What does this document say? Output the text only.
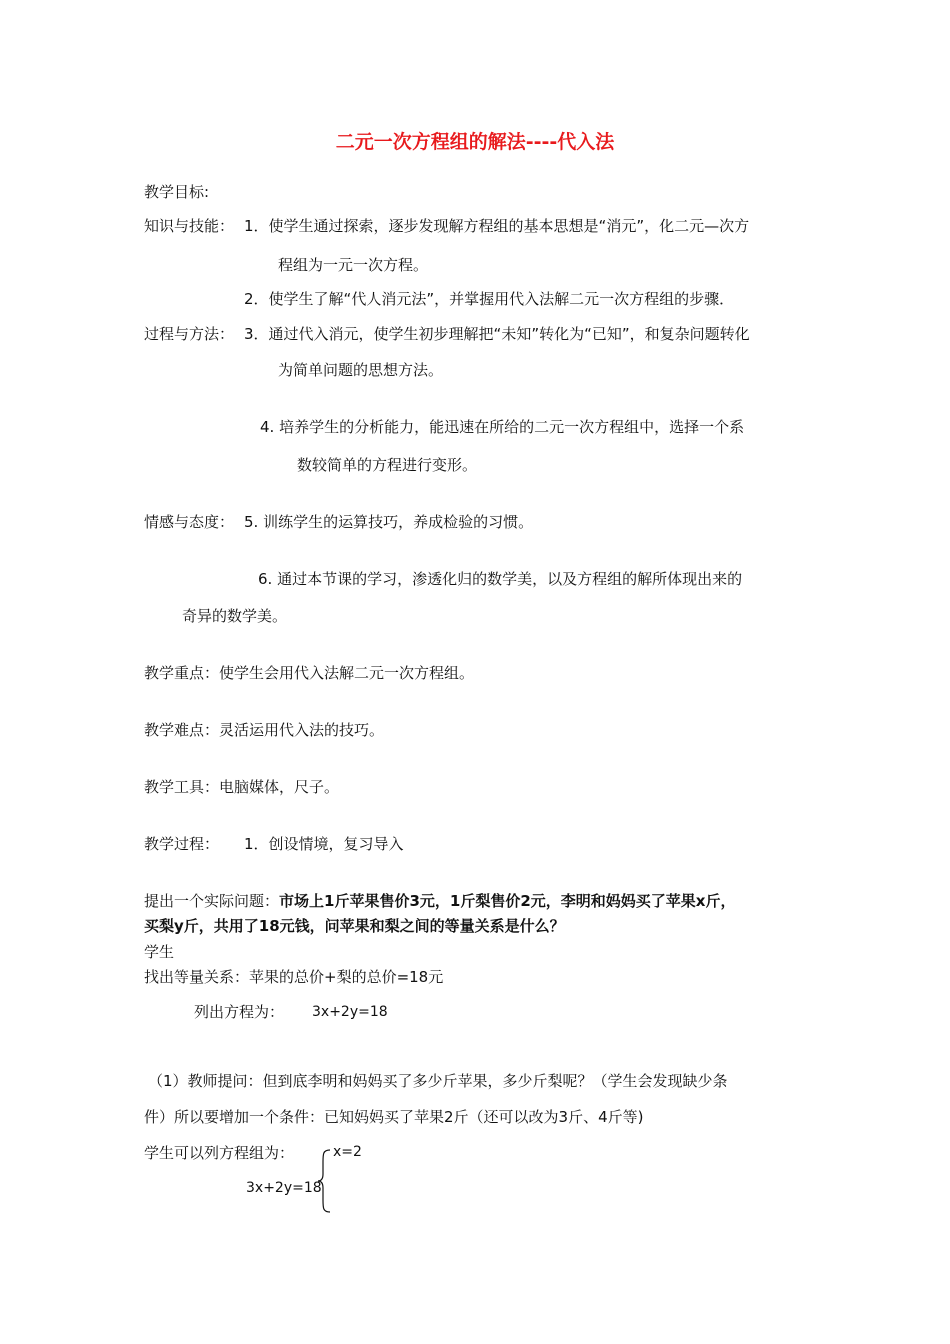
二元一次方程组的解法----代入法
教学目标:
知识与技能： 1．使学生通过探索，逐步发现解方程组的基本思想是“消元”，化二元—次方
程组为一元一次方程。
2．使学生了解“代人消元法”，并掌握用代入法解二元一次方程组的步骤．
过程与方法： 3．通过代入消元，使学生初步理解把“未知”转化为“已知”，和复杂问题转化
为简单问题的思想方法。
4. 培养学生的分析能力，能迅速在所给的二元一次方程组中，选择一个系
数较简单的方程进行变形。
情感与态度： 5. 训练学生的运算技巧，养成检验的习惯。
6. 通过本节课的学习，渗透化归的数学美，以及方程组的解所体现出来的
奇异的数学美。
教学重点：使学生会用代入法解二元一次方程组。
教学难点：灵活运用代入法的技巧。
教学工具：电脑媒体，尺子。
教学过程： 1．创设情境，复习导入
提出一个实际问题：市场上1斤苹果售价3元，1斤梨售价2元，李明和妈妈买了苹果x斤，
买梨y斤，共用了18元钱，问苹果和梨之间的等量关系是什么？
学生
找出等量关系：苹果的总价+梨的总价=18元
列出方程为： 3x+2y=18
（1）教师提问：但到底李明和妈妈买了多少斤苹果，多少斤梨呢？（学生会发现缺少条
件）所以要增加一个条件：已知妈妈买了苹果2斤（还可以改为3斤、4斤等)
学生可以列方程组为：	x=2
3x+2y=18
